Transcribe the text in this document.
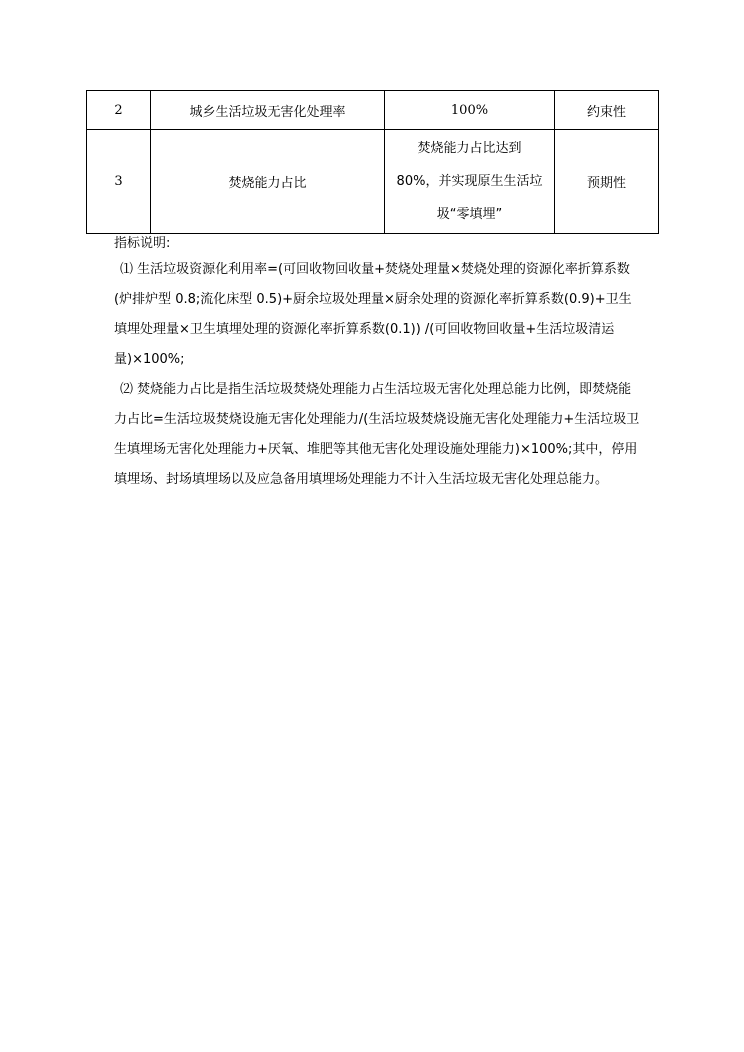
2	城乡生活垃圾无害化处理率	100%	约束性
3	焚烧能力占比	焚烧能力占比达到
80%，并实现原生生活垃
圾“零填埋”	预期性

指标说明:

⑴ 生活垃圾资源化利用率=(可回收物回收量+焚烧处理量×焚烧处理的资源化率折算系数(炉排炉型 0.8;流化床型 0.5)+厨余垃圾处理量×厨余处理的资源化率折算系数(0.9)+卫生填埋处理量×卫生填埋处理的资源化率折算系数(0.1)) /(可回收物回收量+生活垃圾清运量)×100%;

⑵ 焚烧能力占比是指生活垃圾焚烧处理能力占生活垃圾无害化处理总能力比例，即焚烧能力占比=生活垃圾焚烧设施无害化处理能力/(生活垃圾焚烧设施无害化处理能力+生活垃圾卫生填埋场无害化处理能力+厌氧、堆肥等其他无害化处理设施处理能力)×100%;其中，停用填埋场、封场填埋场以及应急备用填埋场处理能力不计入生活垃圾无害化处理总能力。
